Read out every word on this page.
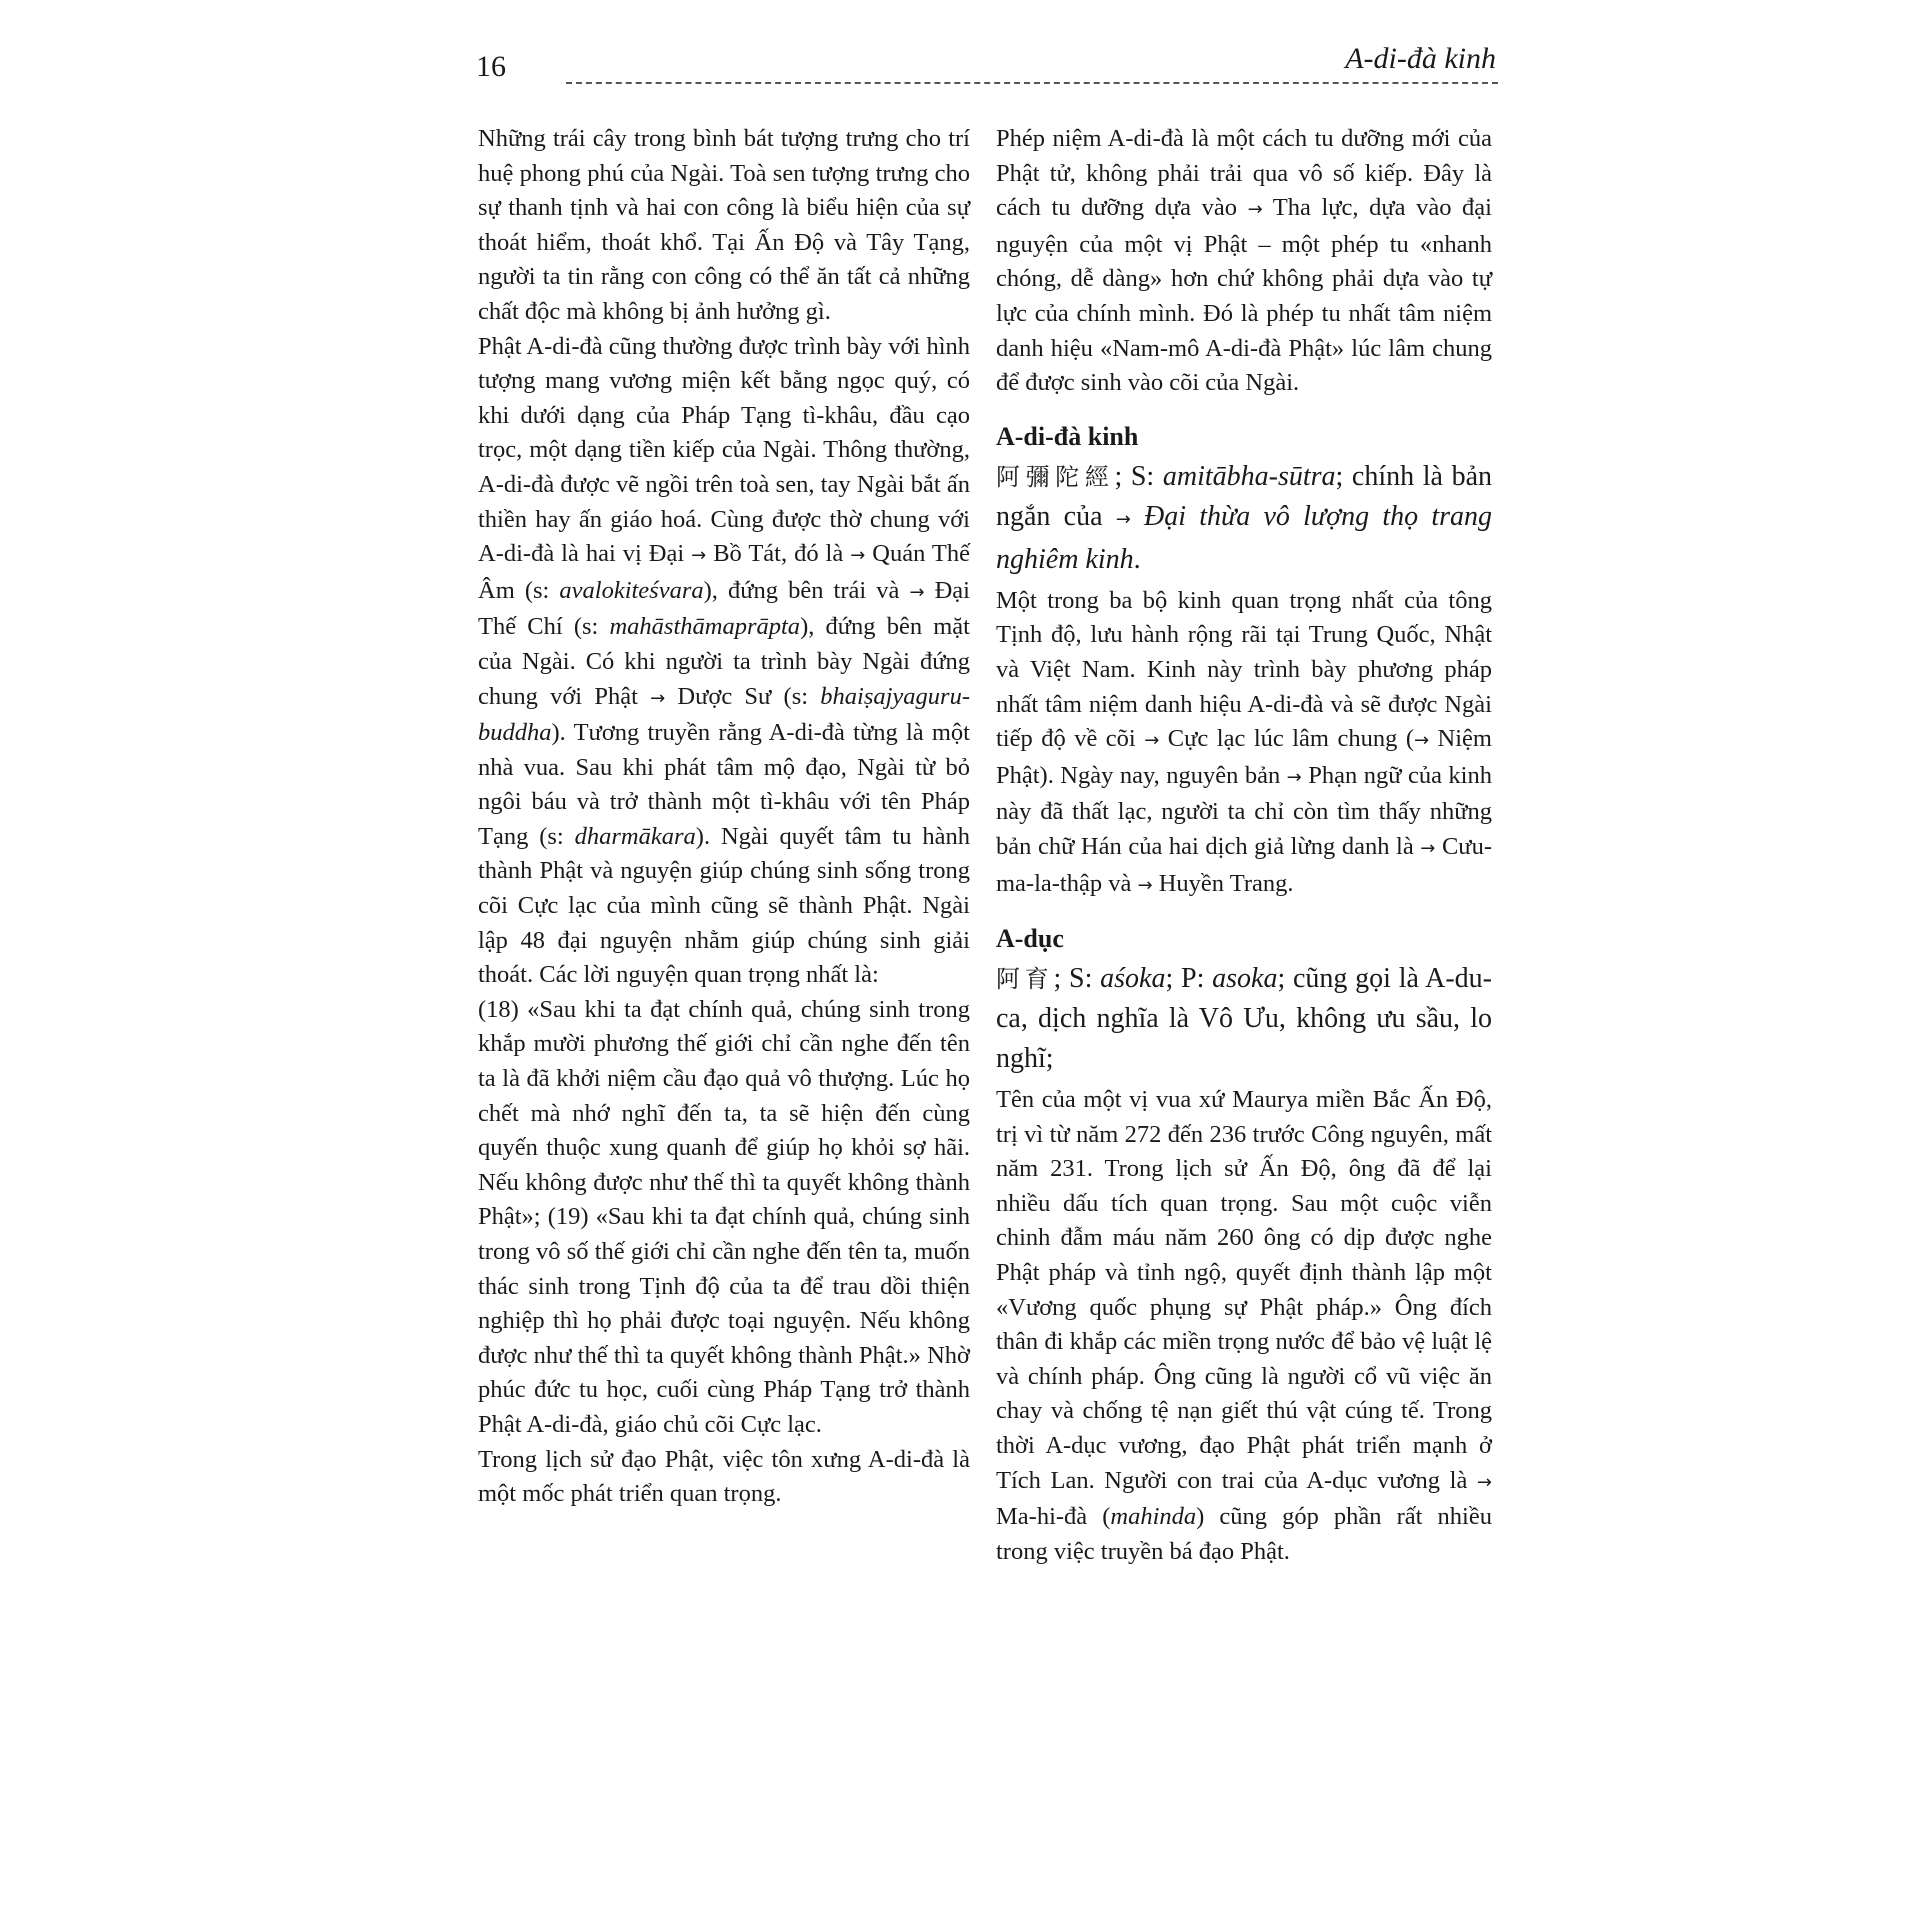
16	A-di-đà kinh

Những trái cây trong bình bát tượng trưng cho trí huệ phong phú của Ngài. Toà sen tượng trưng cho sự thanh tịnh và hai con công là biểu hiện của sự thoát hiểm, thoát khổ. Tại Ấn Độ và Tây Tạng, người ta tin rằng con công có thể ăn tất cả những chất độc mà không bị ảnh hưởng gì.

Phật A-di-đà cũng thường được trình bày với hình tượng mang vương miện kết bằng ngọc quý, có khi dưới dạng của Pháp Tạng tì-khâu, đầu cạo trọc, một dạng tiền kiếp của Ngài. Thông thường, A-di-đà được vẽ ngồi trên toà sen, tay Ngài bắt ấn thiền hay ấn giáo hoá. Cùng được thờ chung với A-di-đà là hai vị Đại → Bồ Tát, đó là → Quán Thế Âm (s: avalokiteśvara), đứng bên trái và → Đại Thế Chí (s: mahāsthāmaprāpta), đứng bên mặt của Ngài. Có khi người ta trình bày Ngài đứng chung với Phật → Dược Sư (s: bhaiṣajyaguru-buddha). Tương truyền rằng A-di-đà từng là một nhà vua. Sau khi phát tâm mộ đạo, Ngài từ bỏ ngôi báu và trở thành một tì-khâu với tên Pháp Tạng (s: dharmākara). Ngài quyết tâm tu hành thành Phật và nguyện giúp chúng sinh sống trong cõi Cực lạc của mình cũng sẽ thành Phật. Ngài lập 48 đại nguyện nhằm giúp chúng sinh giải thoát. Các lời nguyện quan trọng nhất là:

(18) «Sau khi ta đạt chính quả, chúng sinh trong khắp mười phương thế giới chỉ cần nghe đến tên ta là đã khởi niệm cầu đạo quả vô thượng. Lúc họ chết mà nhớ nghĩ đến ta, ta sẽ hiện đến cùng quyến thuộc xung quanh để giúp họ khỏi sợ hãi. Nếu không được như thế thì ta quyết không thành Phật»; (19) «Sau khi ta đạt chính quả, chúng sinh trong vô số thế giới chỉ cần nghe đến tên ta, muốn thác sinh trong Tịnh độ của ta để trau dồi thiện nghiệp thì họ phải được toại nguyện. Nếu không được như thế thì ta quyết không thành Phật.» Nhờ phúc đức tu học, cuối cùng Pháp Tạng trở thành Phật A-di-đà, giáo chủ cõi Cực lạc.

Trong lịch sử đạo Phật, việc tôn xưng A-di-đà là một mốc phát triển quan trọng.

Phép niệm A-di-đà là một cách tu dưỡng mới của Phật tử, không phải trải qua vô số kiếp. Đây là cách tu dưỡng dựa vào → Tha lực, dựa vào đại nguyện của một vị Phật – một phép tu «nhanh chóng, dễ dàng» hơn chứ không phải dựa vào tự lực của chính mình. Đó là phép tu nhất tâm niệm danh hiệu «Nam-mô A-di-đà Phật» lúc lâm chung để được sinh vào cõi của Ngài.

A-di-đà kinh

阿彌陀經; S: amitābha-sūtra; chính là bản ngắn của → Đại thừa vô lượng thọ trang nghiêm kinh.

Một trong ba bộ kinh quan trọng nhất của tông Tịnh độ, lưu hành rộng rãi tại Trung Quốc, Nhật và Việt Nam. Kinh này trình bày phương pháp nhất tâm niệm danh hiệu A-di-đà và sẽ được Ngài tiếp độ về cõi → Cực lạc lúc lâm chung (→ Niệm Phật). Ngày nay, nguyên bản → Phạn ngữ của kinh này đã thất lạc, người ta chỉ còn tìm thấy những bản chữ Hán của hai dịch giả lừng danh là → Cưu-ma-la-thập và → Huyền Trang.

A-dục

阿育; S: aśoka; P: asoka; cũng gọi là A-du-ca, dịch nghĩa là Vô Ưu, không ưu sầu, lo nghĩ;

Tên của một vị vua xứ Maurya miền Bắc Ấn Độ, trị vì từ năm 272 đến 236 trước Công nguyên, mất năm 231. Trong lịch sử Ấn Độ, ông đã để lại nhiều dấu tích quan trọng. Sau một cuộc viễn chinh đẫm máu năm 260 ông có dịp được nghe Phật pháp và tỉnh ngộ, quyết định thành lập một «Vương quốc phụng sự Phật pháp.» Ông đích thân đi khắp các miền trọng nước để bảo vệ luật lệ và chính pháp. Ông cũng là người cổ vũ việc ăn chay và chống tệ nạn giết thú vật cúng tế. Trong thời A-dục vương, đạo Phật phát triển mạnh ở Tích Lan. Người con trai của A-dục vương là → Ma-hi-đà (mahinda) cũng góp phần rất nhiều trong việc truyền bá đạo Phật.
